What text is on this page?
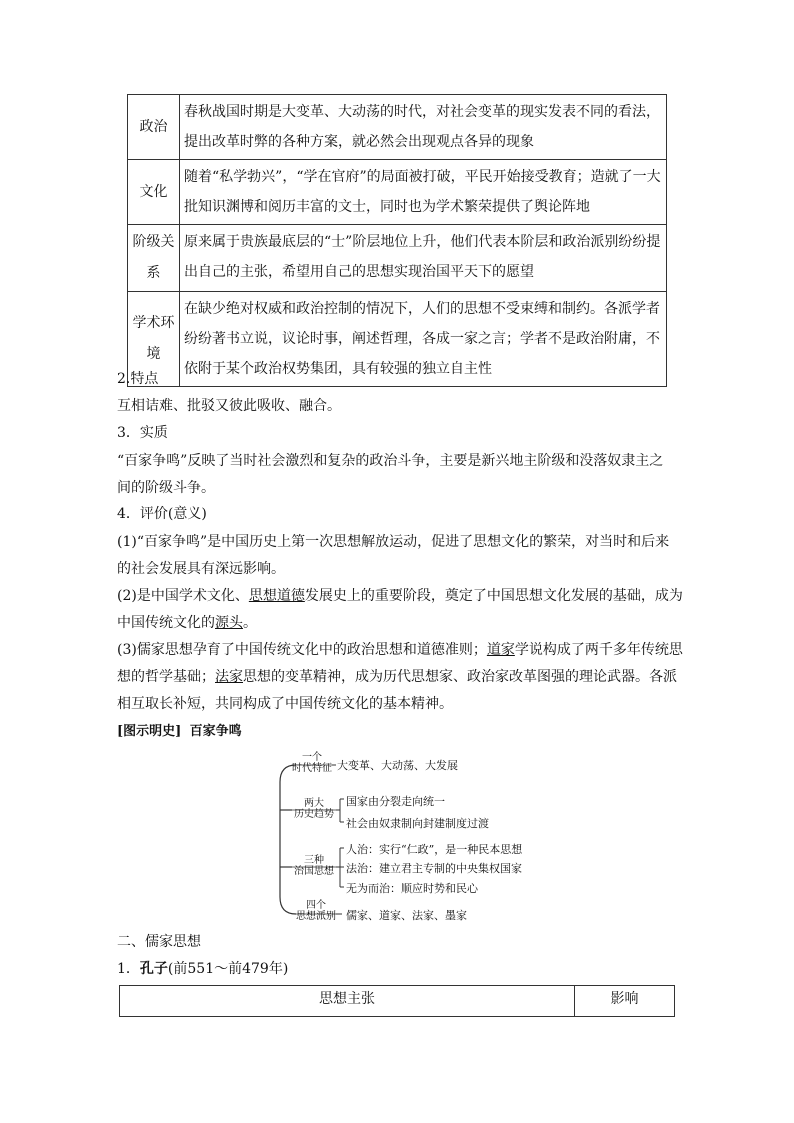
政治	春秋战国时期是大变革、大动荡的时代，对社会变革的现实发表不同的看法，提出改革时弊的各种方案，就必然会出现观点各异的现象
文化	随着“私学勃兴”，“学在官府”的局面被打破，平民开始接受教育；造就了一大批知识渊博和阅历丰富的文士，同时也为学术繁荣提供了舆论阵地
阶级关系	原来属于贵族最底层的“士”阶层地位上升，他们代表本阶层和政治派别纷纷提出自己的主张，希望用自己的思想实现治国平天下的愿望
学术环境	在缺少绝对权威和政治控制的情况下，人们的思想不受束缚和制约。各派学者纷纷著书立说，议论时事，阐述哲理，各成一家之言；学者不是政治附庸，不依附于某个政治权势集团，具有较强的独立自主性
2.特点
互相诘难、批驳又彼此吸收、融合。
3．实质
“百家争鸣”反映了当时社会激烈和复杂的政治斗争，主要是新兴地主阶级和没落奴隶主之
间的阶级斗争。
4．评价(意义)
(1)“百家争鸣”是中国历史上第一次思想解放运动，促进了思想文化的繁荣，对当时和后来
的社会发展具有深远影响。
(2)是中国学术文化、思想道德发展史上的重要阶段，奠定了中国思想文化发展的基础，成为
中国传统文化的源头。
(3)儒家思想孕育了中国传统文化中的政治思想和道德准则；道家学说构成了两千多年传统思
想的哲学基础；法家思想的变革精神，成为历代思想家、政治家改革图强的理论武器。各派
相互取长补短，共同构成了中国传统文化的基本精神。
[图示明史] 百家争鸣
一个
时代特征
两大
历史趋势
三种
治国思想
四个
思想派别
大变革、大动荡、大发展
国家由分裂走向统一
社会由奴隶制向封建制度过渡
人治：实行“仁政”，是一种民本思想
法治：建立君主专制的中央集权国家
无为而治：顺应时势和民心
儒家、道家、法家、墨家
二、儒家思想
1．孔子(前551～前479年)
思想主张	影响
